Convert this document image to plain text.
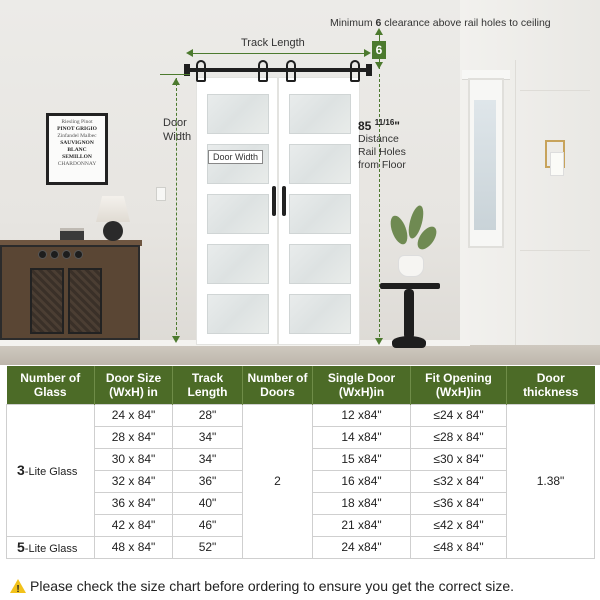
Riesling Pinot
PINOT GRIGIO
Zinfandel Malbec
SAUVIGNON BLANC
SEMILLON
CHARDONNAY
Minimum 6 clearance above rail holes to ceiling
6
Track Length
Door
Width
Door Width
85 $^{11/16}$"
Distance
Rail Holes
from Floor
Number of Glass	Door Size (WxH) in	Track Length	Number of Doors	Single Door (WxH)in	Fit Opening (WxH)in	Door thickness
3-Lite Glass	24 x 84"	28"	2	12 x84"	≤24 x 84"	1.38"
	28 x 84"	34"		14 x84"	≤28 x 84"	
	30 x 84"	34"		15 x84"	≤30 x 84"	
	32 x 84"	36"		16 x84"	≤32 x 84"	
	36 x 84"	40"		18 x84"	≤36 x 84"	
	42 x 84"	46"		21 x84"	≤42 x 84"	
5-Lite Glass	48 x 84"	52"		24 x84"	≤48 x 84"	
!Please check the size chart before ordering to ensure you get the correct size.
